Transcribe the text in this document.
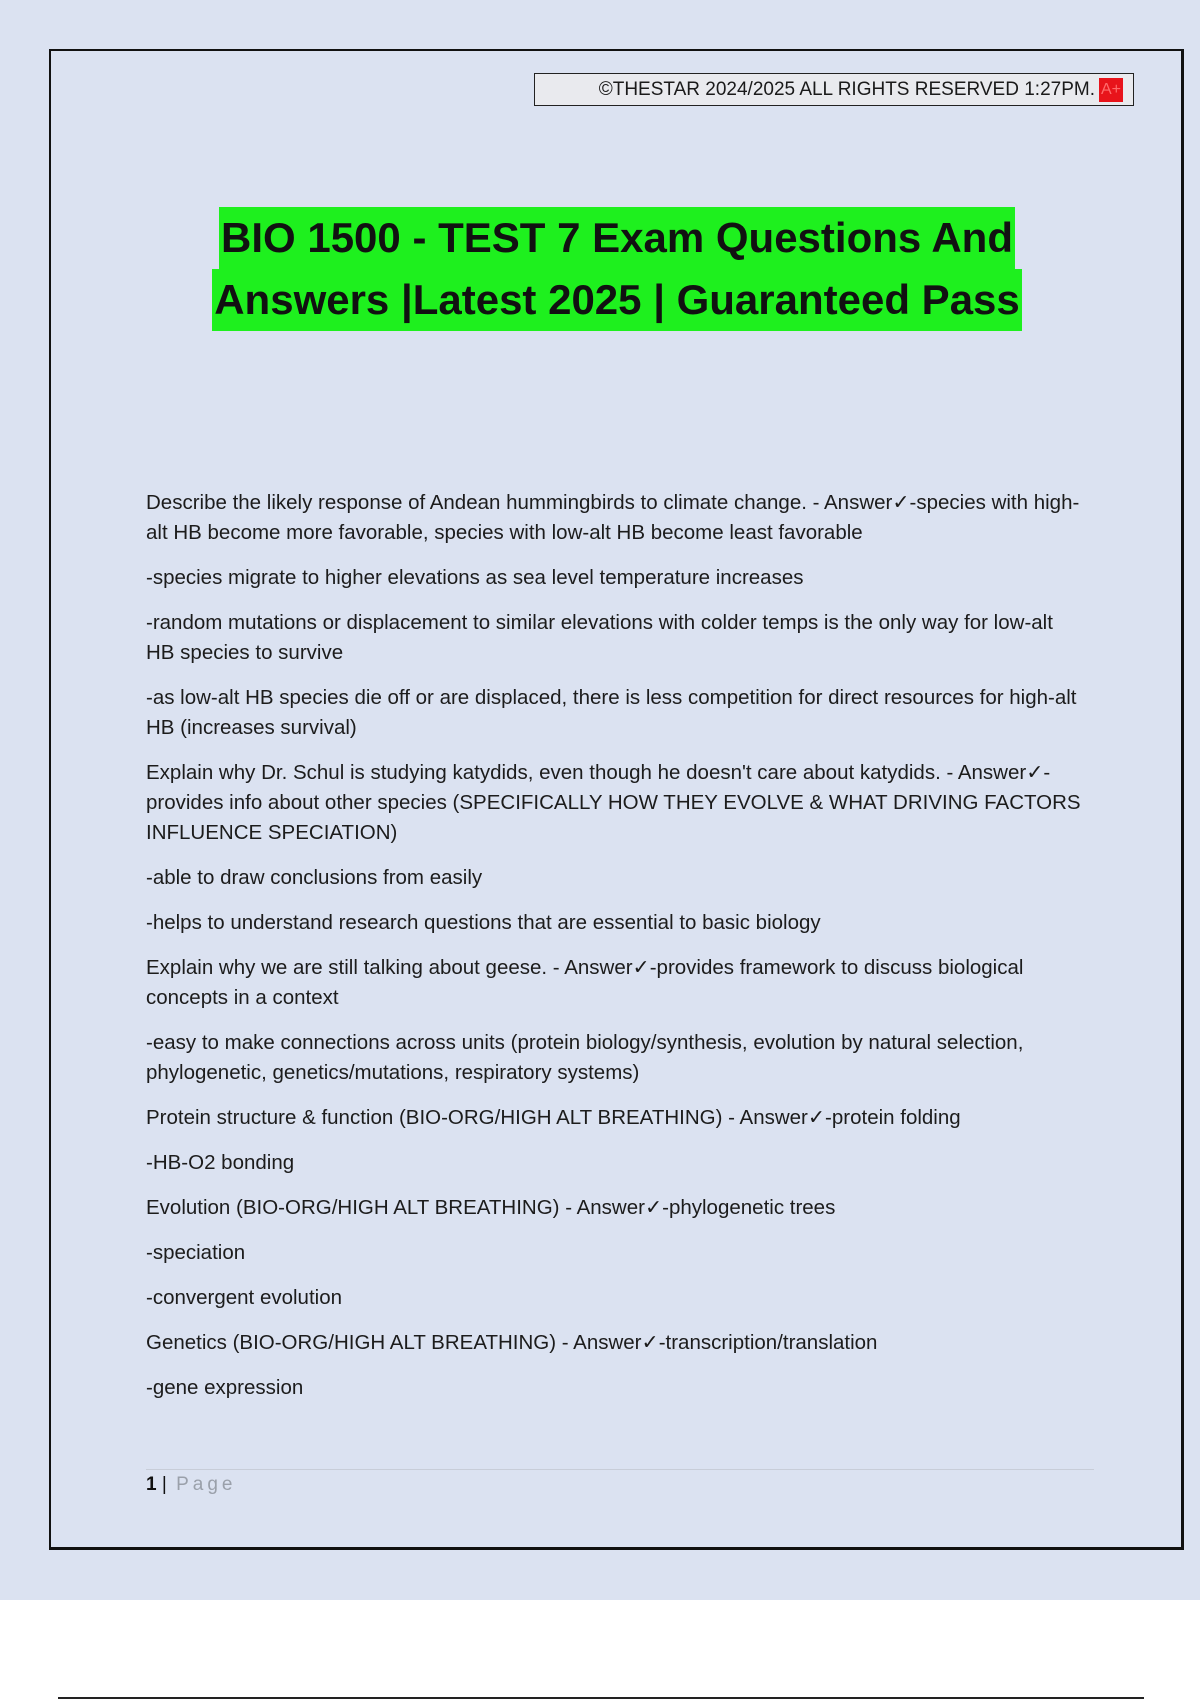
©THESTAR 2024/2025 ALL RIGHTS RESERVED 1:27PM. A+
BIO 1500 - TEST 7 Exam Questions And
Answers |Latest 2025 | Guaranteed Pass

Describe the likely response of Andean hummingbirds to climate change. - Answer✓-species with high-alt HB become more favorable, species with low-alt HB become least favorable

-species migrate to higher elevations as sea level temperature increases

-random mutations or displacement to similar elevations with colder temps is the only way for low-alt HB species to survive

-as low-alt HB species die off or are displaced, there is less competition for direct resources for high-alt HB (increases survival)

Explain why Dr. Schul is studying katydids, even though he doesn't care about katydids. - Answer✓-provides info about other species (SPECIFICALLY HOW THEY EVOLVE & WHAT DRIVING FACTORS INFLUENCE SPECIATION)

-able to draw conclusions from easily

-helps to understand research questions that are essential to basic biology

Explain why we are still talking about geese. - Answer✓-provides framework to discuss biological concepts in a context

-easy to make connections across units (protein biology/synthesis, evolution by natural selection, phylogenetic, genetics/mutations, respiratory systems)

Protein structure & function (BIO-ORG/HIGH ALT BREATHING) - Answer✓-protein folding

-HB-O2 bonding

Evolution (BIO-ORG/HIGH ALT BREATHING) - Answer✓-phylogenetic trees

-speciation

-convergent evolution

Genetics (BIO-ORG/HIGH ALT BREATHING) - Answer✓-transcription/translation

-gene expression

1 | Page
